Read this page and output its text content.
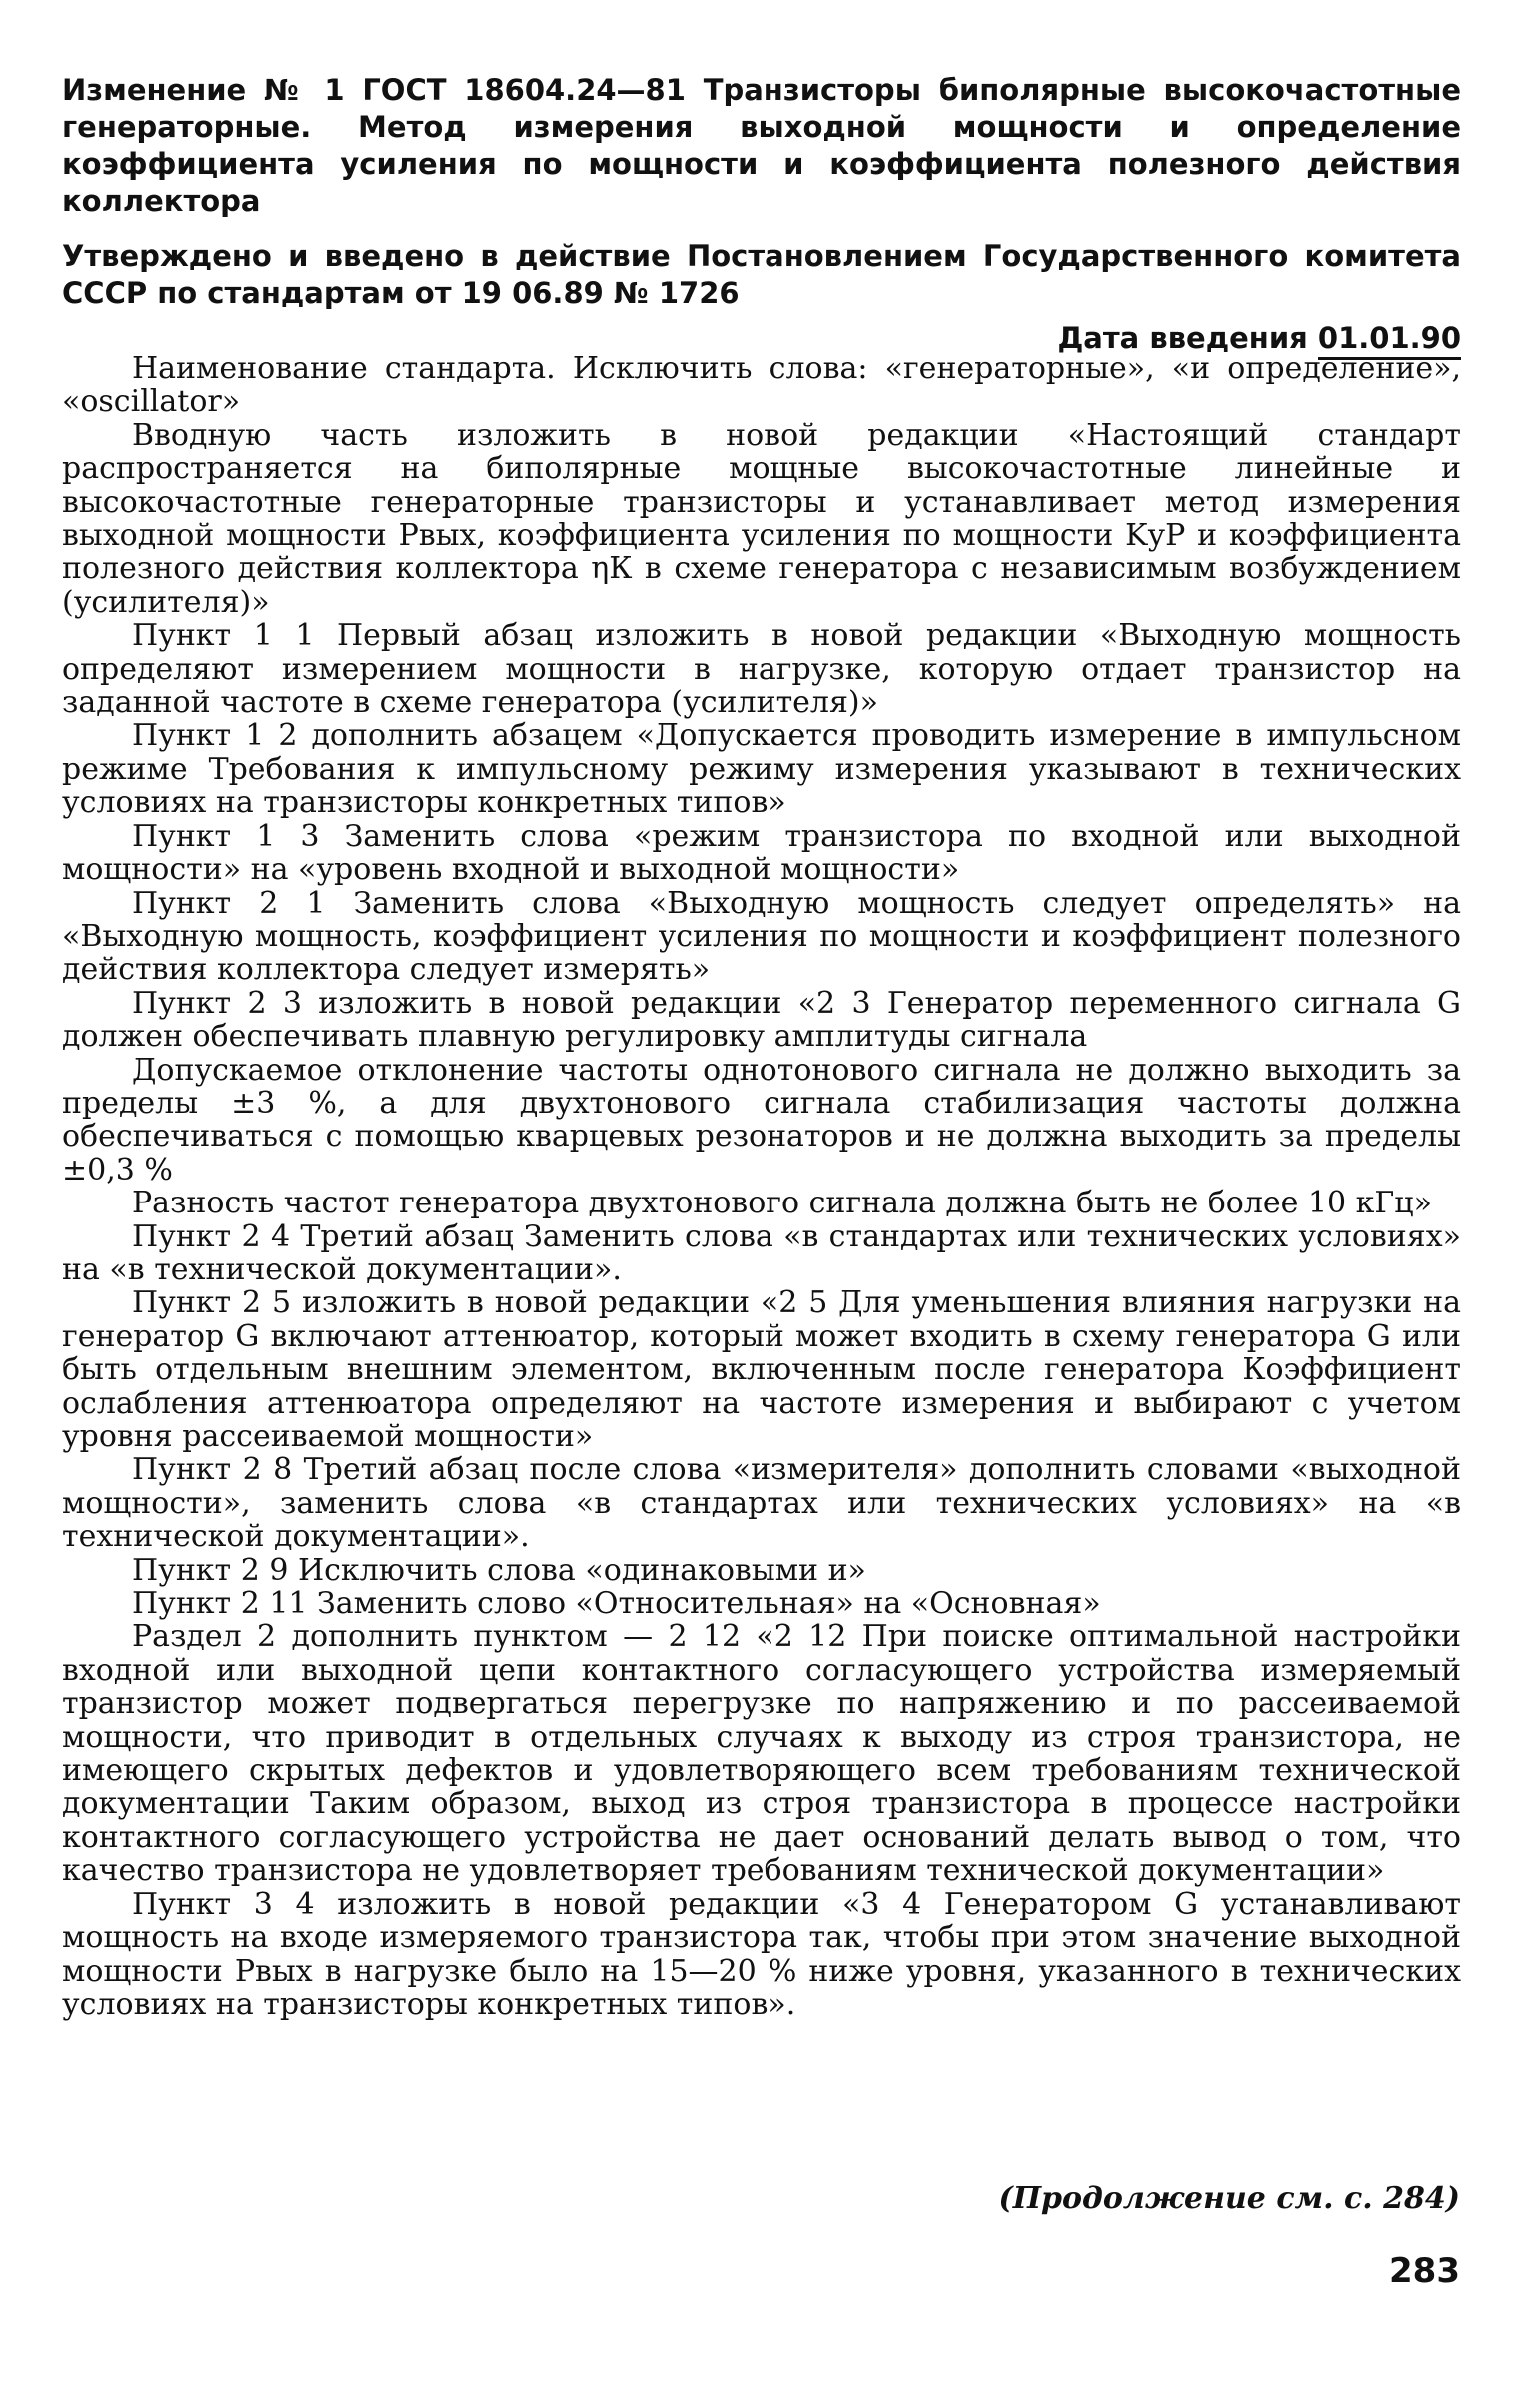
Изменение № 1 ГОСТ 18604.24—81 Транзисторы биполярные высокочастотные генераторные. Метод измерения выходной мощности и определение коэффициента усиления по мощности и коэффициента полезного действия коллектора

Утверждено и введено в действие Постановлением Государственного комитета СССР по стандартам от 19 06.89 № 1726

Дата введения 01.01.90

Наименование стандарта. Исключить слова: «генераторные», «и определение», «oscillator»

Вводную часть изложить в новой редакции «Настоящий стандарт распространяется на биполярные мощные высокочастотные линейные и высокочастотные генераторные транзисторы и устанавливает метод измерения выходной мощности Pвых, коэффициента усиления по мощности KуP и коэффициента полезного действия коллектора ηК в схеме генератора с независимым возбуждением (усилителя)»

Пункт 1 1 Первый абзац изложить в новой редакции «Выходную мощность определяют измерением мощности в нагрузке, которую отдает транзистор на заданной частоте в схеме генератора (усилителя)»

Пункт 1 2 дополнить абзацем «Допускается проводить измерение в импульсном режиме Требования к импульсному режиму измерения указывают в технических условиях на транзисторы конкретных типов»

Пункт 1 3 Заменить слова «режим транзистора по входной или выходной мощности» на «уровень входной и выходной мощности»

Пункт 2 1 Заменить слова «Выходную мощность следует определять» на «Выходную мощность, коэффициент усиления по мощности и коэффициент полезного действия коллектора следует измерять»

Пункт 2 3 изложить в новой редакции «2 3 Генератор переменного сигнала G должен обеспечивать плавную регулировку амплитуды сигнала

Допускаемое отклонение частоты однотонового сигнала не должно выходить за пределы ±3 %, а для двухтонового сигнала стабилизация частоты должна обеспечиваться с помощью кварцевых резонаторов и не должна выходить за пределы ±0,3 %

Разность частот генератора двухтонового сигнала должна быть не более 10 кГц»

Пункт 2 4 Третий абзац Заменить слова «в стандартах или технических условиях» на «в технической документации».

Пункт 2 5 изложить в новой редакции «2 5 Для уменьшения влияния нагрузки на генератор G включают аттенюатор, который может входить в схему генератора G или быть отдельным внешним элементом, включенным после генератора Коэффициент ослабления аттенюатора определяют на частоте измерения и выбирают с учетом уровня рассеиваемой мощности»

Пункт 2 8 Третий абзац после слова «измерителя» дополнить словами «выходной мощности», заменить слова «в стандартах или технических условиях» на «в технической документации».

Пункт 2 9 Исключить слова «одинаковыми и»

Пункт 2 11 Заменить слово «Относительная» на «Основная»

Раздел 2 дополнить пунктом — 2 12 «2 12 При поиске оптимальной настройки входной или выходной цепи контактного согласующего устройства измеряемый транзистор может подвергаться перегрузке по напряжению и по рассеиваемой мощности, что приводит в отдельных случаях к выходу из строя транзистора, не имеющего скрытых дефектов и удовлетворяющего всем требованиям технической документации Таким образом, выход из строя транзистора в процессе настройки контактного согласующего устройства не дает оснований делать вывод о том, что качество транзистора не удовлетворяет требованиям технической документации»

Пункт 3 4 изложить в новой редакции «3 4 Генератором G устанавливают мощность на входе измеряемого транзистора так, чтобы при этом значение выходной мощности Pвых в нагрузке было на 15—20 % ниже уровня, указанного в технических условиях на транзисторы конкретных типов».

(Продолжение см. с. 284)
283
